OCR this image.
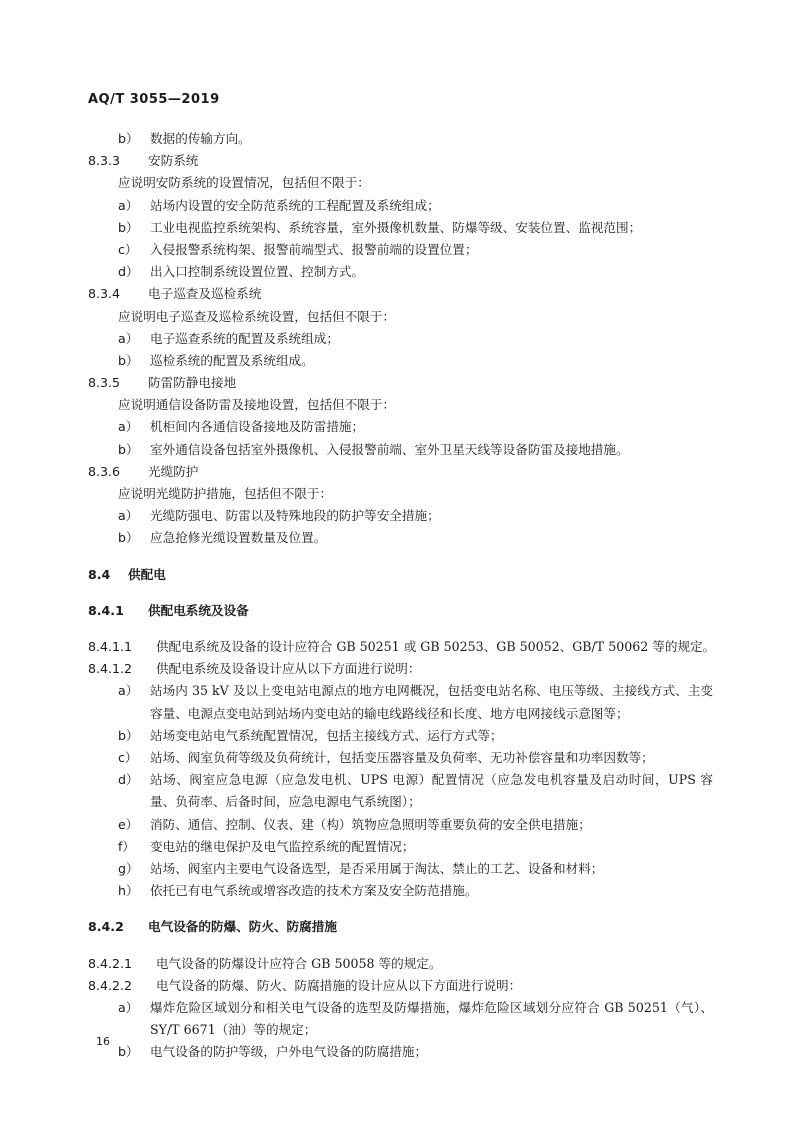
AQ/T 3055—2019
b） 数据的传输方向。
8.3.3 安防系统
应说明安防系统的设置情况，包括但不限于：
a） 站场内设置的安全防范系统的工程配置及系统组成；
b） 工业电视监控系统架构、系统容量，室外摄像机数量、防爆等级、安装位置、监视范围；
c） 入侵报警系统构架、报警前端型式、报警前端的设置位置；
d） 出入口控制系统设置位置、控制方式。
8.3.4 电子巡查及巡检系统
应说明电子巡查及巡检系统设置，包括但不限于：
a） 电子巡查系统的配置及系统组成；
b） 巡检系统的配置及系统组成。
8.3.5 防雷防静电接地
应说明通信设备防雷及接地设置，包括但不限于：
a） 机柜间内各通信设备接地及防雷措施；
b） 室外通信设备包括室外摄像机、入侵报警前端、室外卫星天线等设备防雷及接地措施。
8.3.6 光缆防护
应说明光缆防护措施，包括但不限于：
a） 光缆防强电、防雷以及特殊地段的防护等安全措施；
b） 应急抢修光缆设置数量及位置。
8.4 供配电
8.4.1 供配电系统及设备
8.4.1.1 供配电系统及设备的设计应符合 GB 50251 或 GB 50253、GB 50052、GB/T 50062 等的规定。
8.4.1.2 供配电系统及设备设计应从以下方面进行说明：
a） 站场内 35 kV 及以上变电站电源点的地方电网概况，包括变电站名称、电压等级、主接线方式、主变容量、电源点变电站到站场内变电站的输电线路线径和长度、地方电网接线示意图等；
b） 站场变电站电气系统配置情况，包括主接线方式、运行方式等；
c） 站场、阀室负荷等级及负荷统计，包括变压器容量及负荷率、无功补偿容量和功率因数等；
d） 站场、阀室应急电源（应急发电机、UPS 电源）配置情况（应急发电机容量及启动时间，UPS 容量、负荷率、后备时间，应急电源电气系统图）；
e） 消防、通信、控制、仪表、建（构）筑物应急照明等重要负荷的安全供电措施；
f） 变电站的继电保护及电气监控系统的配置情况；
g） 站场、阀室内主要电气设备选型，是否采用属于淘汰、禁止的工艺、设备和材料；
h） 依托已有电气系统或增容改造的技术方案及安全防范措施。
8.4.2 电气设备的防爆、防火、防腐措施
8.4.2.1 电气设备的防爆设计应符合 GB 50058 等的规定。
8.4.2.2 电气设备的防爆、防火、防腐措施的设计应从以下方面进行说明：
a） 爆炸危险区域划分和相关电气设备的选型及防爆措施，爆炸危险区域划分应符合 GB 50251（气）、SY/T 6671（油）等的规定；
b） 电气设备的防护等级，户外电气设备的防腐措施；
16
